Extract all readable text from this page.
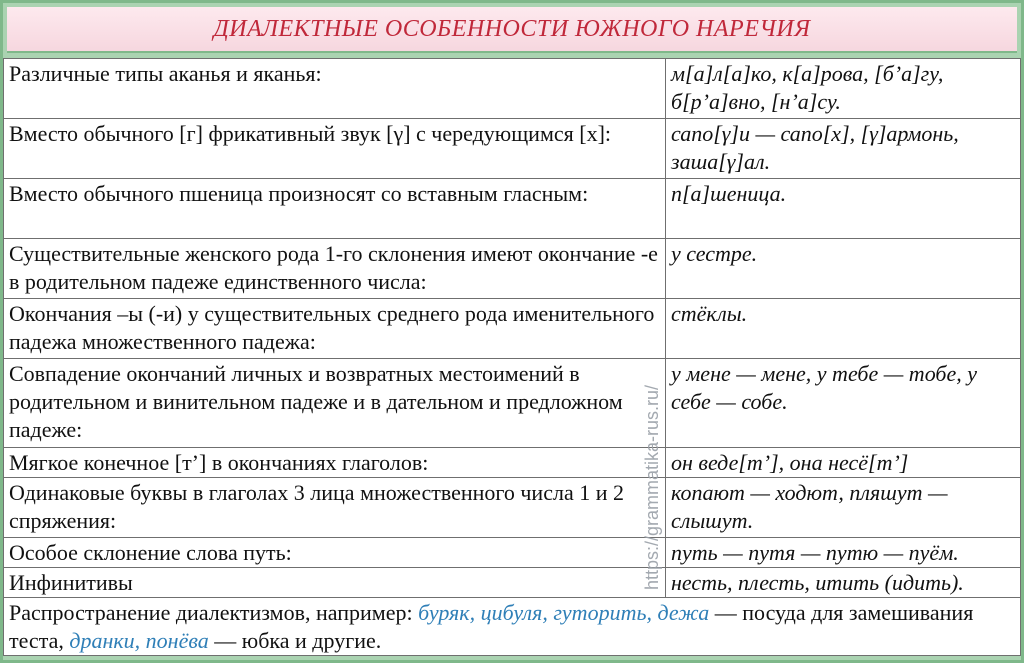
ДИАЛЕКТНЫЕ ОСОБЕННОСТИ ЮЖНОГО НАРЕЧИЯ
Различные типы аканья и яканья:	м[а]л[а]ко, к[а]рова, [б’а]гу, б[р’а]вно, [н’а]су.
Вместо обычного [г] фрикативный звук [γ] с чередующимся [х]:	сапо[γ]и — сапо[х], [γ]армонь, заша[γ]ал.
Вместо обычного пшеница произносят со вставным гласным:	п[а]шеница.
Существительные женского рода 1-го склонения имеют окончание -е в родительном падеже единственного числа:	у сестре.
Окончания –ы (-и) у существительных среднего рода именительного падежа множественного падежа:	стёклы.
Совпадение окончаний личных и возвратных местоимений в родительном и винительном падеже и в дательном и предложном падеже:	у мене — мене, у тебе — тобе, у себе — собе.
Мягкое конечное [т’] в окончаниях глаголов:	он веде[т’], она несё[т’]
Одинаковые буквы в глаголах 3 лица множественного числа 1 и 2 спряжения:	копают — ходют, пляшут — слышут.
Особое склонение слова путь:	путь — путя — путю — пуём.
Инфинитивы	несть, плесть, итить (идить).
Распространение диалектизмов, например: буряк, цибуля, гуторить, дежа — посуда для замешивания теста, дранки, понёва — юбка и другие.	
https://grammatika-rus.ru/
